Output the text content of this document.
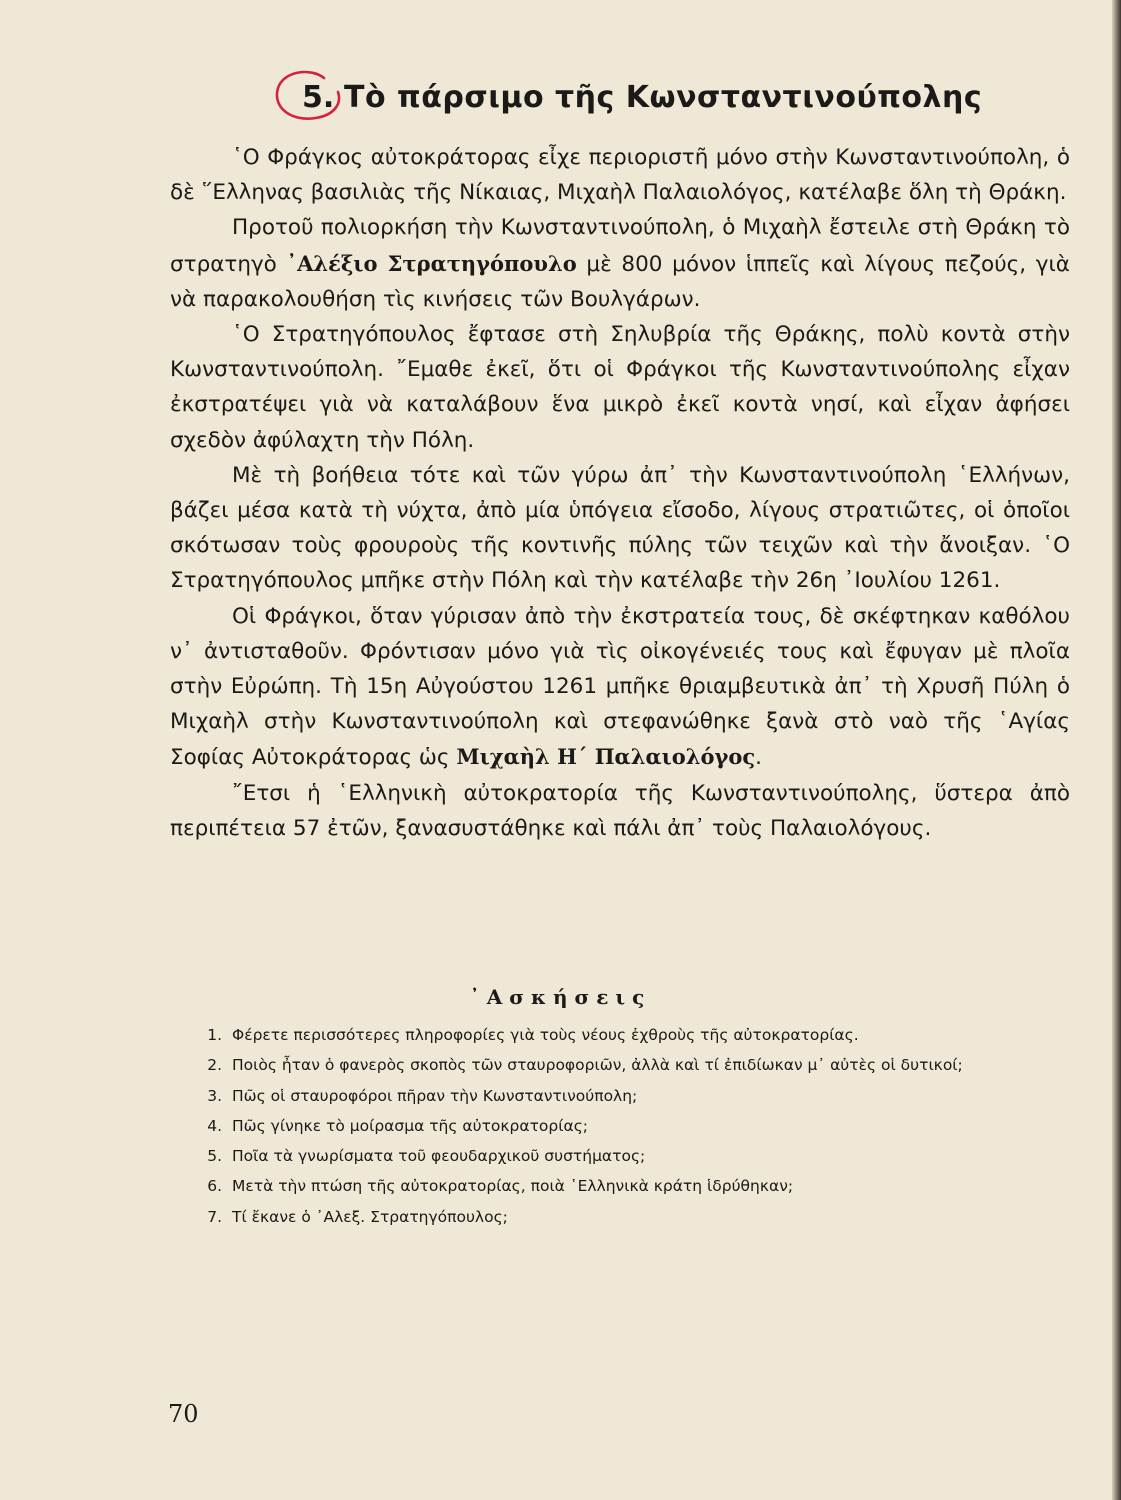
5. Τὸ πάρσιμο τῆς Κωνσταντινούπολης

῾Ο Φράγκος αὐτοκράτορας εἶχε περιοριστῆ μόνο στὴν Κωνσταντινούπολη, ὁ δὲ ῞Ελληνας βασιλιὰς τῆς Νίκαιας, Μιχαὴλ Παλαιολόγος, κατέλαβε ὅλη τὴ Θράκη.

Προτοῦ πολιορκήση τὴν Κωνσταντινούπολη, ὁ Μιχαὴλ ἔστειλε στὴ Θράκη τὸ στρατηγὸ ᾿Αλέξιο Στρατηγόπουλο μὲ 800 μόνον ἱππεῖς καὶ λίγους πεζούς, γιὰ νὰ παρακολουθήση τὶς κινήσεις τῶν Βουλγάρων.

῾Ο Στρατηγόπουλος ἔφτασε στὴ Σηλυβρία τῆς Θράκης, πολὺ κοντὰ στὴν Κωνσταντινούπολη. ῎Εμαθε ἐκεῖ, ὅτι οἱ Φράγκοι τῆς Κωνσταντινούπολης εἶχαν ἐκστρατέψει γιὰ νὰ καταλάβουν ἕνα μικρὸ ἐκεῖ κοντὰ νησί, καὶ εἶχαν ἀφήσει σχεδὸν ἀφύλαχτη τὴν Πόλη.

Μὲ τὴ βοήθεια τότε καὶ τῶν γύρω ἀπ᾿ τὴν Κωνσταντινούπολη ῾Ελλήνων, βάζει μέσα κατὰ τὴ νύχτα, ἀπὸ μία ὑπόγεια εἴσοδο, λίγους στρατιῶτες, οἱ ὁποῖοι σκότωσαν τοὺς φρουροὺς τῆς κοντινῆς πύλης τῶν τειχῶν καὶ τὴν ἄνοιξαν. ῾Ο Στρατηγόπουλος μπῆκε στὴν Πόλη καὶ τὴν κατέλαβε τὴν 26η ᾿Ιουλίου 1261.

Οἱ Φράγκοι, ὅταν γύρισαν ἀπὸ τὴν ἐκστρατεία τους, δὲ σκέφτηκαν καθόλου ν᾿ ἀντισταθοῦν. Φρόντισαν μόνο γιὰ τὶς οἰκογένειές τους καὶ ἔφυγαν μὲ πλοῖα στὴν Εὐρώπη. Τὴ 15η Αὐγούστου 1261 μπῆκε θριαμβευτικὰ ἀπ᾿ τὴ Χρυσῆ Πύλη ὁ Μιχαὴλ στὴν Κωνσταντινούπολη καὶ στεφανώθηκε ξανὰ στὸ ναὸ τῆς ῾Αγίας Σοφίας Αὐτοκράτορας ὡς Μιχαὴλ Η΄ Παλαιολόγος.

῎Ετσι ἡ ῾Ελληνικὴ αὐτοκρατορία τῆς Κωνσταντινούπολης, ὕστερα ἀπὸ περιπέτεια 57 ἐτῶν, ξανασυστάθηκε καὶ πάλι ἀπ᾿ τοὺς Παλαιολόγους.

᾿Ασκήσεις
1. Φέρετε περισσότερες πληροφορίες γιὰ τοὺς νέους ἐχθροὺς τῆς αὐτοκρατορίας.
2. Ποιὸς ἦταν ὁ φανερὸς σκοπὸς τῶν σταυροφοριῶν, ἀλλὰ καὶ τί ἐπιδίωκαν μ᾿ αὐτὲς οἱ δυτικοί;
3. Πῶς οἱ σταυροφόροι πῆραν τὴν Κωνσταντινούπολη;
4. Πῶς γίνηκε τὸ μοίρασμα τῆς αὐτοκρατορίας;
5. Ποῖα τὰ γνωρίσματα τοῦ φεουδαρχικοῦ συστήματος;
6. Μετὰ τὴν πτώση τῆς αὐτοκρατορίας, ποιὰ ῾Ελληνικὰ κράτη ἱδρύθηκαν;
7. Τί ἔκανε ὁ ᾿Αλεξ. Στρατηγόπουλος;
70
